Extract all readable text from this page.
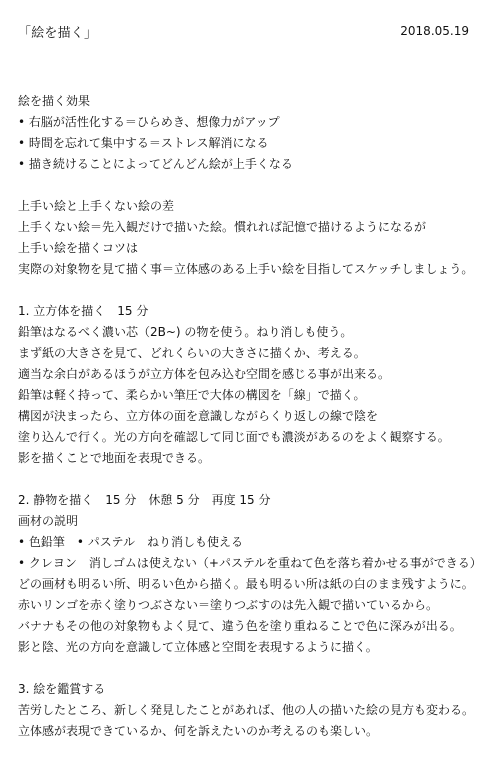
「絵を描く」	2018.05.19
絵を描く効果
• 右脳が活性化する＝ひらめき、想像力がアップ
• 時間を忘れて集中する＝ストレス解消になる
• 描き続けることによってどんどん絵が上手くなる
上手い絵と上手くない絵の差
上手くない絵＝先入観だけで描いた絵。慣れれば記憶で描けるようになるが
上手い絵を描くコツは
実際の対象物を見て描く事＝立体感のある上手い絵を目指してスケッチしましょう。
1. 立方体を描く　15 分
鉛筆はなるべく濃い芯（2B~) の物を使う。ねり消しも使う。
まず紙の大きさを見て、どれくらいの大きさに描くか、考える。
適当な余白があるほうが立方体を包み込む空間を感じる事が出来る。
鉛筆は軽く持って、柔らかい筆圧で大体の構図を「線」で描く。
構図が決まったら、立方体の面を意識しながらくり返しの線で陰を
塗り込んで行く。光の方向を確認して同じ面でも濃淡があるのをよく観察する。
影を描くことで地面を表現できる。
2. 静物を描く　15 分　休憩 5 分　再度 15 分
画材の説明
• 色鉛筆　• パステル　ねり消しも使える
• クレヨン　消しゴムは使えない（+パステルを重ねて色を落ち着かせる事ができる）
どの画材も明るい所、明るい色から描く。最も明るい所は紙の白のまま残すように。
赤いリンゴを赤く塗りつぶさない＝塗りつぶすのは先入観で描いているから。
バナナもその他の対象物もよく見て、違う色を塗り重ねることで色に深みが出る。
影と陰、光の方向を意識して立体感と空間を表現するように描く。
3. 絵を鑑賞する
苦労したところ、新しく発見したことがあれば、他の人の描いた絵の見方も変わる。
立体感が表現できているか、何を訴えたいのか考えるのも楽しい。
